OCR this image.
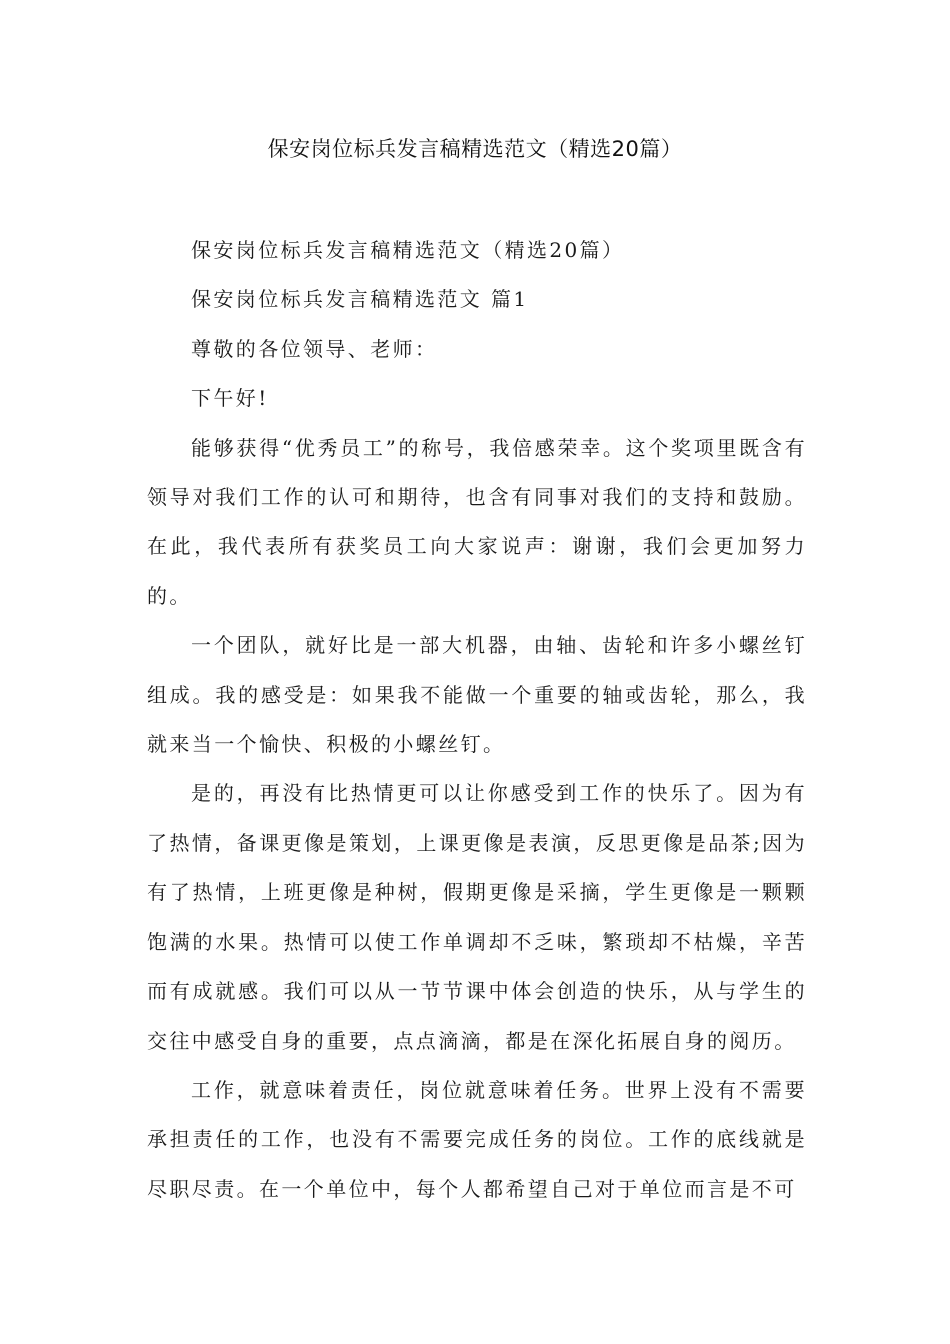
保安岗位标兵发言稿精选范文（精选20篇）

保安岗位标兵发言稿精选范文（精选20篇）

保安岗位标兵发言稿精选范文 篇1

尊敬的各位领导、老师：

下午好!

能够获得“优秀员工”的称号，我倍感荣幸。这个奖项里既含有领导对我们工作的认可和期待，也含有同事对我们的支持和鼓励。在此，我代表所有获奖员工向大家说声：谢谢，我们会更加努力的。

一个团队，就好比是一部大机器，由轴、齿轮和许多小螺丝钉组成。我的感受是：如果我不能做一个重要的轴或齿轮，那么，我就来当一个愉快、积极的小螺丝钉。

是的，再没有比热情更可以让你感受到工作的快乐了。因为有了热情，备课更像是策划，上课更像是表演，反思更像是品茶;因为有了热情，上班更像是种树，假期更像是采摘，学生更像是一颗颗饱满的水果。热情可以使工作单调却不乏味，繁琐却不枯燥，辛苦而有成就感。我们可以从一节节课中体会创造的快乐，从与学生的交往中感受自身的重要，点点滴滴，都是在深化拓展自身的阅历。

工作，就意味着责任，岗位就意味着任务。世界上没有不需要承担责任的工作，也没有不需要完成任务的岗位。工作的底线就是尽职尽责。在一个单位中，每个人都希望自己对于单位而言是不可
